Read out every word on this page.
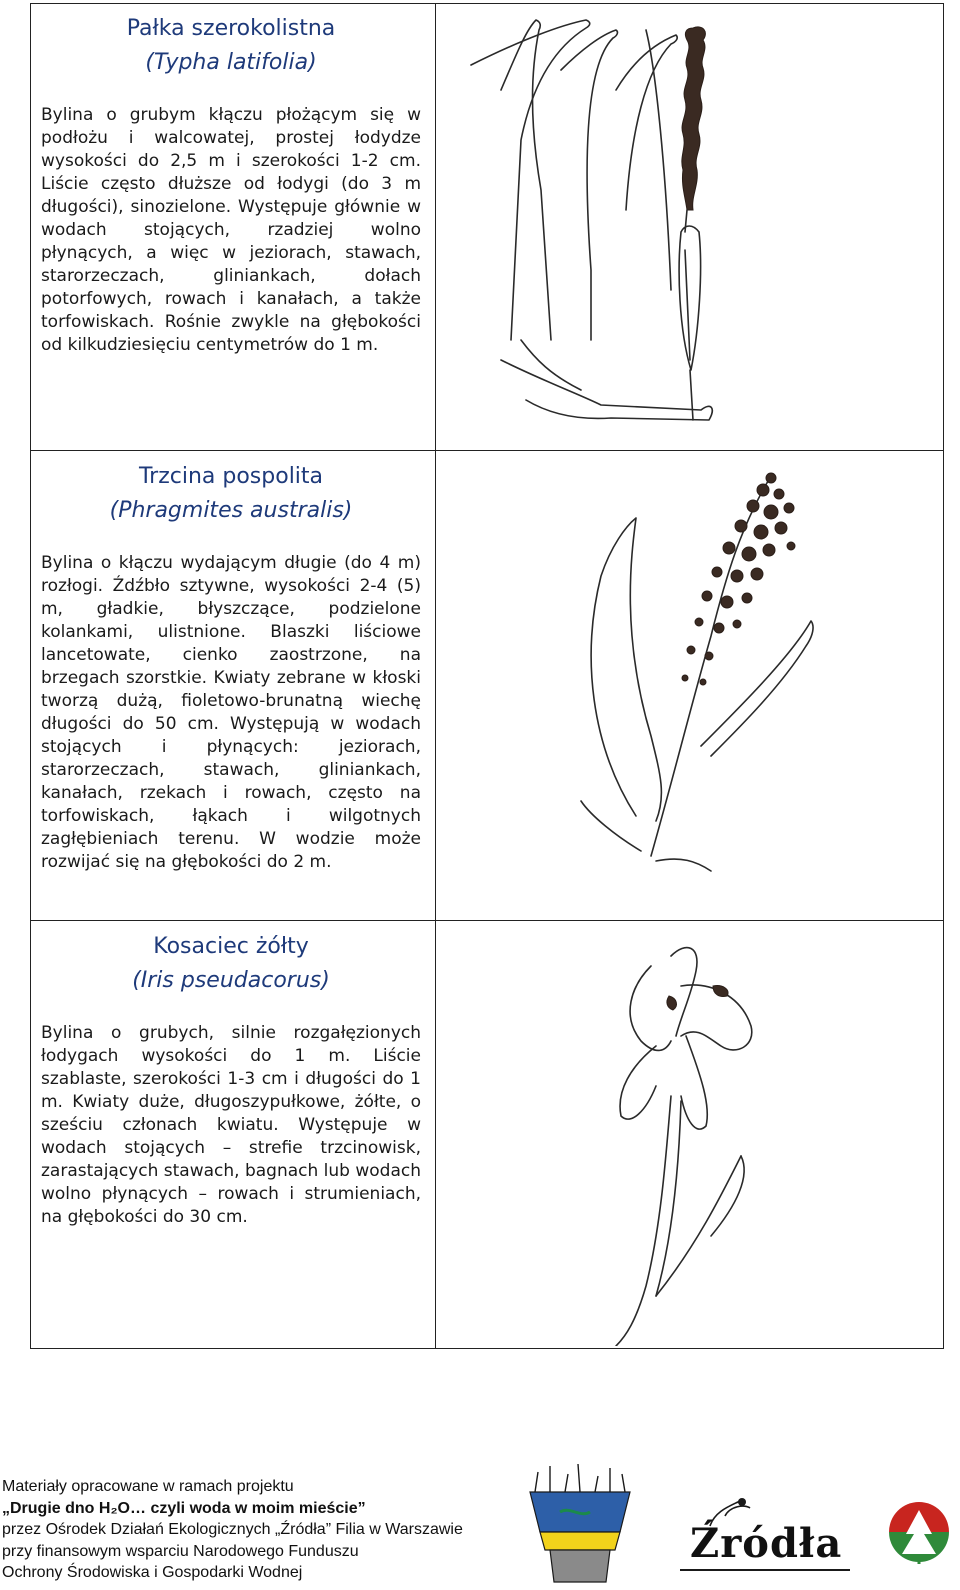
Pałka szerokolistna
(Typha latifolia)
Bylina o grubym kłączu płożącym się w podłożu i walcowatej, prostej łodydze wysokości do 2,5 m i szerokości 1-2 cm. Liście często dłuższe od łodygi (do 3 m długości), sinozielone. Występuje głównie w wodach stojących, rzadziej wolno płynących, a więc w jeziorach, stawach, starorzeczach, gliniankach, dołach potorfowych, rowach i kanałach, a także torfowiskach. Rośnie zwykle na głębokości od kilkudziesięciu centymetrów do 1 m.
Trzcina pospolita
(Phragmites australis)
Bylina o kłączu wydającym długie (do 4 m) rozłogi. Źdźbło sztywne, wysokości 2-4 (5) m, gładkie, błyszczące, podzielone kolankami, ulistnione. Blaszki liściowe lancetowate, cienko zaostrzone, na brzegach szorstkie. Kwiaty zebrane w kłoski tworzą dużą, fioletowo-brunatną wiechę długości do 50 cm. Występują w wodach stojących i płynących: jeziorach, starorzeczach, stawach, gliniankach, kanałach, rzekach i rowach, często na torfowiskach, łąkach i wilgotnych zagłębieniach terenu. W wodzie może rozwijać się na głębokości do 2 m.
Kosaciec żółty
(Iris pseudacorus)
Bylina o grubych, silnie rozgałęzionych łodygach wysokości do 1 m. Liście szablaste, szerokości 1-3 cm i długości do 1 m. Kwiaty duże, długoszypułkowe, żółte, o sześciu członach kwiatu. Występuje w wodach stojących – strefie trzcinowisk, zarastających stawach, bagnach lub wodach wolno płynących – rowach i strumieniach, na głębokości do 30 cm.
Materiały opracowane w ramach projektu
„Drugie dno H₂O… czyli woda w moim mieście”
przez Ośrodek Działań Ekologicznych „Źródła” Filia w Warszawie
przy finansowym wsparciu Narodowego Funduszu
Ochrony Środowiska i Gospodarki Wodnej
Źródła
